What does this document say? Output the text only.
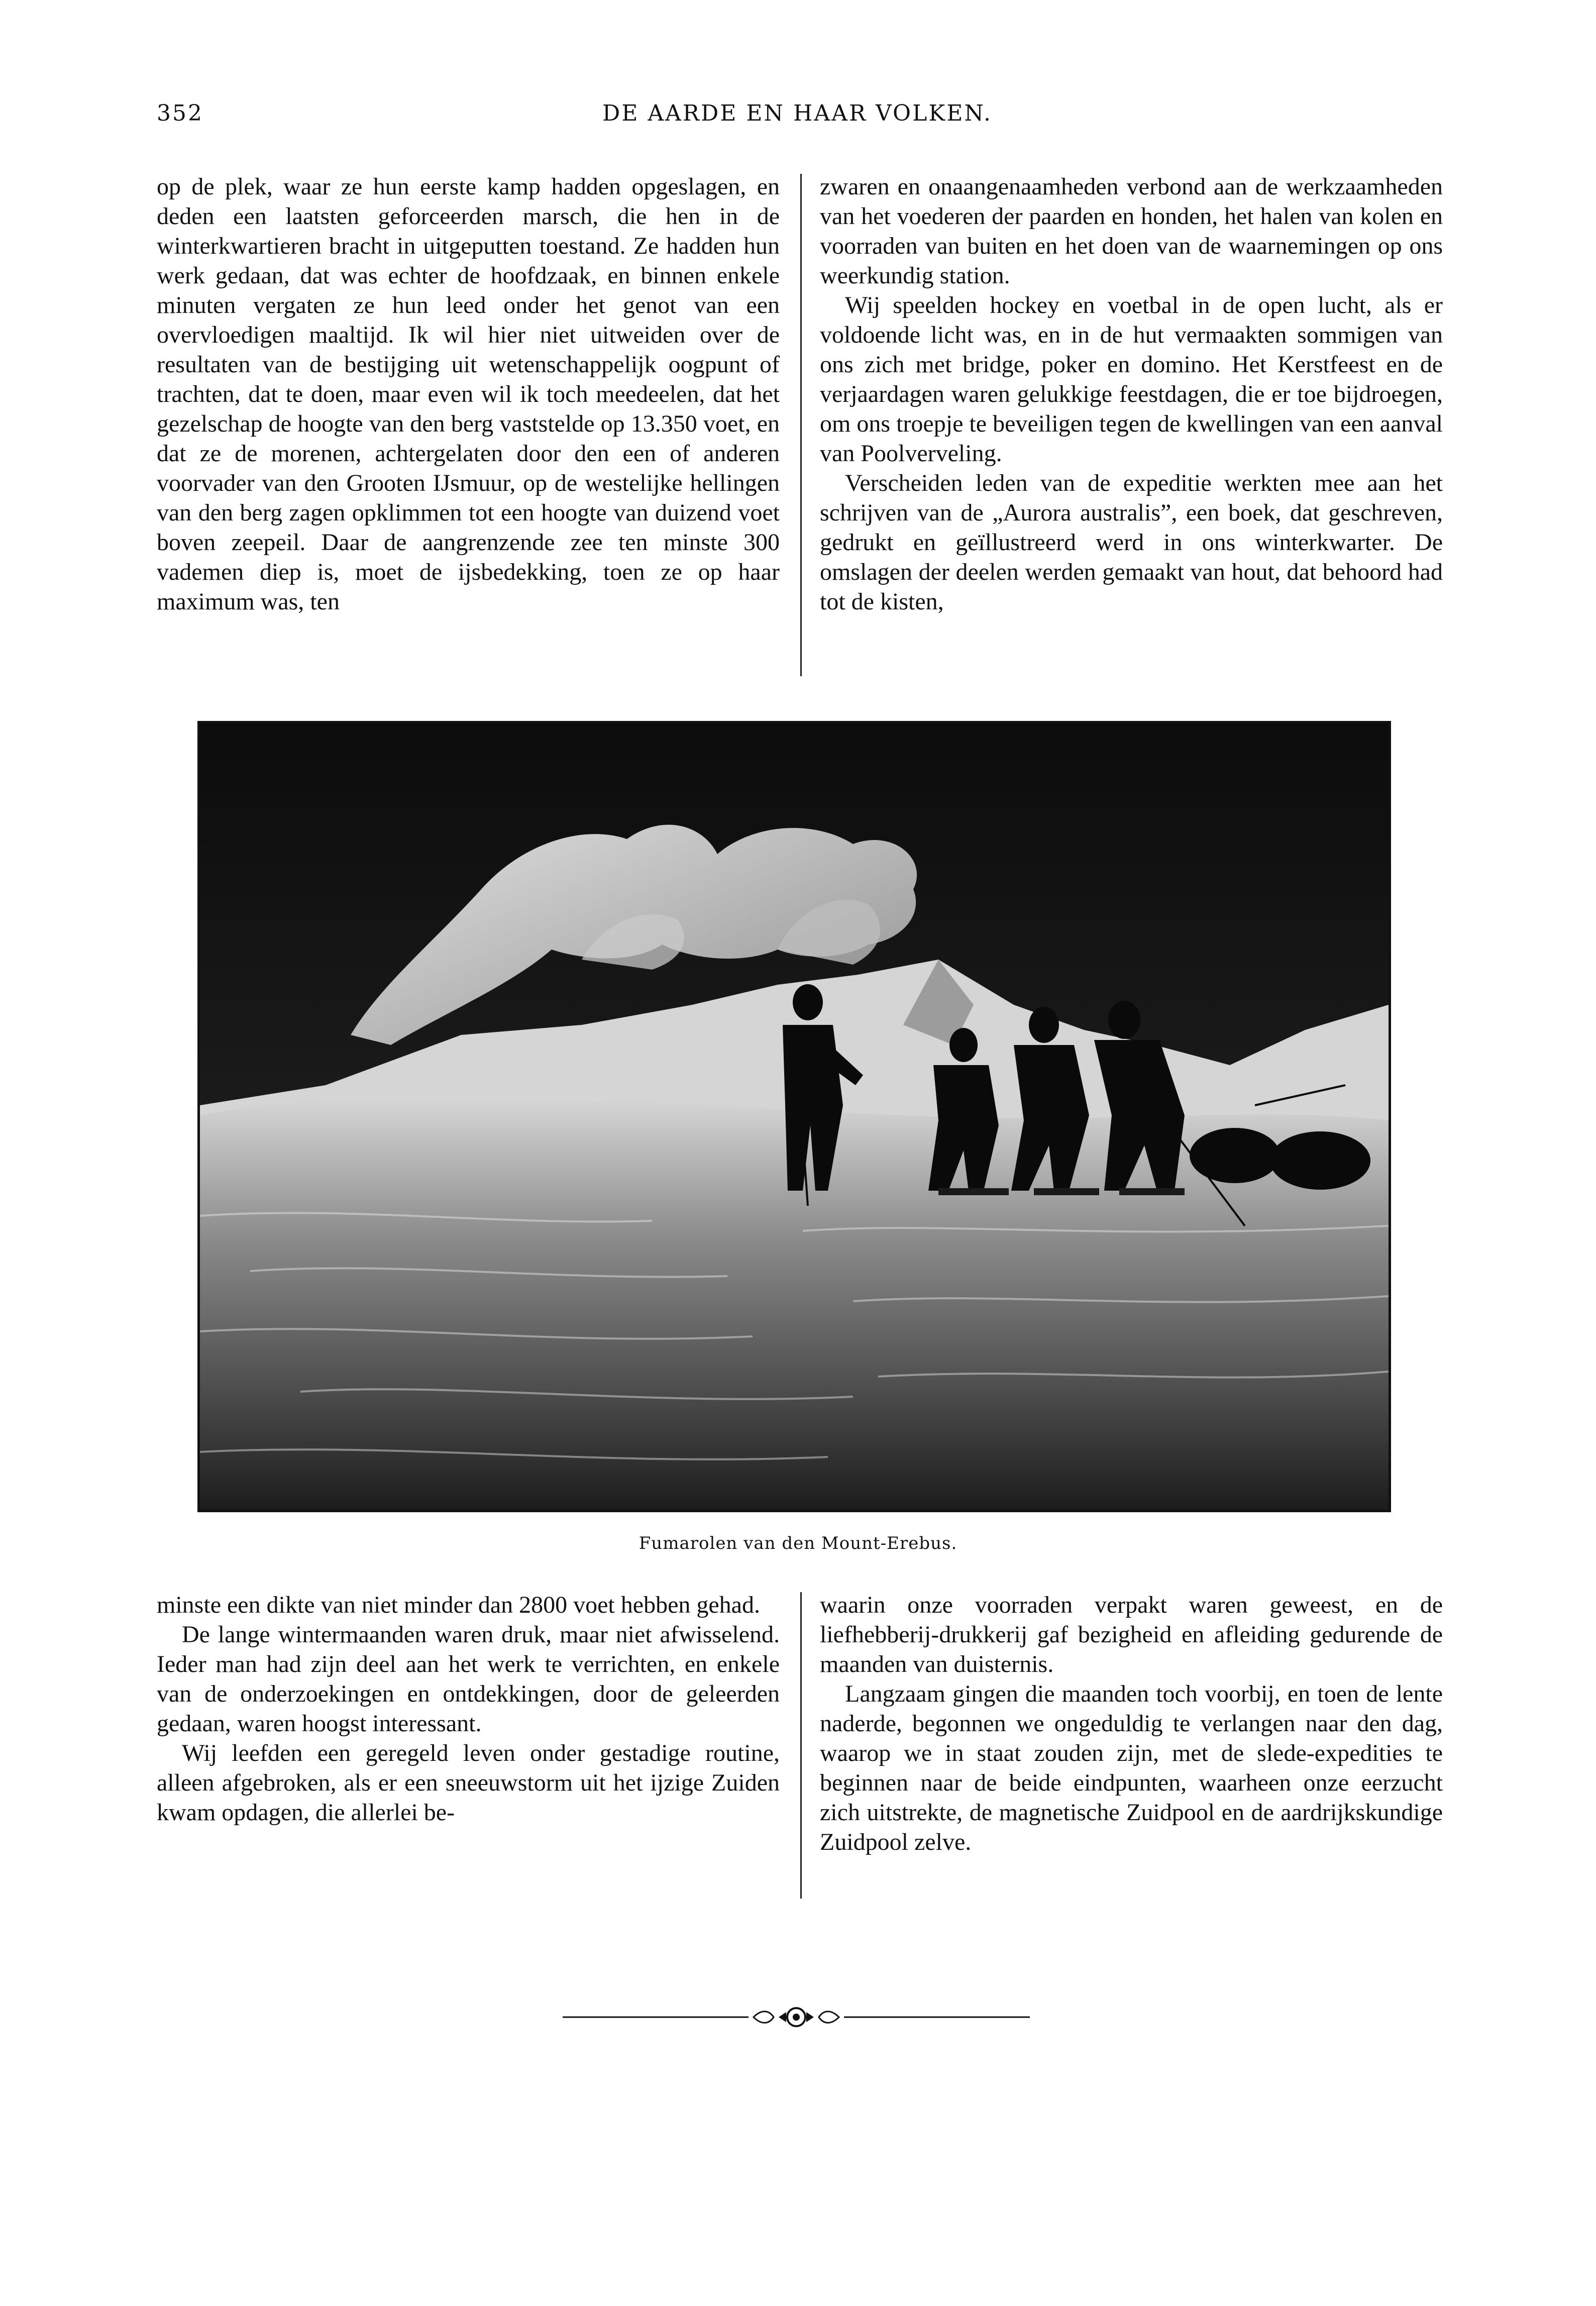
352	DE AARDE EN HAAR VOLKEN.

op de plek, waar ze hun eerste kamp hadden opgeslagen, en deden een laatsten geforceerden marsch, die hen in de winterkwartieren bracht in uitgeputten toestand. Ze hadden hun werk gedaan, dat was echter de hoofdzaak, en binnen enkele minuten vergaten ze hun leed onder het genot van een overvloedigen maaltijd. Ik wil hier niet uitweiden over de resultaten van de bestijging uit wetenschappelijk oogpunt of trachten, dat te doen, maar even wil ik toch meedeelen, dat het gezelschap de hoogte van den berg vaststelde op 13.350 voet, en dat ze de morenen, achtergelaten door den een of anderen voorvader van den Grooten IJsmuur, op de westelijke hellingen van den berg zagen opklimmen tot een hoogte van duizend voet boven zeepeil. Daar de aangrenzende zee ten minste 300 vademen diep is, moet de ijsbedekking, toen ze op haar maximum was, ten

zwaren en onaangenaamheden verbond aan de werkzaamheden van het voederen der paarden en honden, het halen van kolen en voorraden van buiten en het doen van de waarnemingen op ons weerkundig station.

Wij speelden hockey en voetbal in de open lucht, als er voldoende licht was, en in de hut vermaakten sommigen van ons zich met bridge, poker en domino. Het Kerstfeest en de verjaardagen waren gelukkige feestdagen, die er toe bijdroegen, om ons troepje te beveiligen tegen de kwellingen van een aanval van Poolverveling.

Verscheiden leden van de expeditie werkten mee aan het schrijven van de „Aurora australis”, een boek, dat geschreven, gedrukt en geïllustreerd werd in ons winterkwarter. De omslagen der deelen werden gemaakt van hout, dat behoord had tot de kisten,

Fumarolen van den Mount-Erebus.

minste een dikte van niet minder dan 2800 voet hebben gehad.

De lange wintermaanden waren druk, maar niet afwisselend. Ieder man had zijn deel aan het werk te verrichten, en enkele van de onderzoekingen en ontdekkingen, door de geleerden gedaan, waren hoogst interessant.

Wij leefden een geregeld leven onder gestadige routine, alleen afgebroken, als er een sneeuwstorm uit het ijzige Zuiden kwam opdagen, die allerlei be-

waarin onze voorraden verpakt waren geweest, en de liefhebberij-drukkerij gaf bezigheid en afleiding gedurende de maanden van duisternis.

Langzaam gingen die maanden toch voorbij, en toen de lente naderde, begonnen we ongeduldig te verlangen naar den dag, waarop we in staat zouden zijn, met de slede-expedities te beginnen naar de beide eindpunten, waarheen onze eerzucht zich uitstrekte, de magnetische Zuidpool en de aardrijkskundige Zuidpool zelve.
